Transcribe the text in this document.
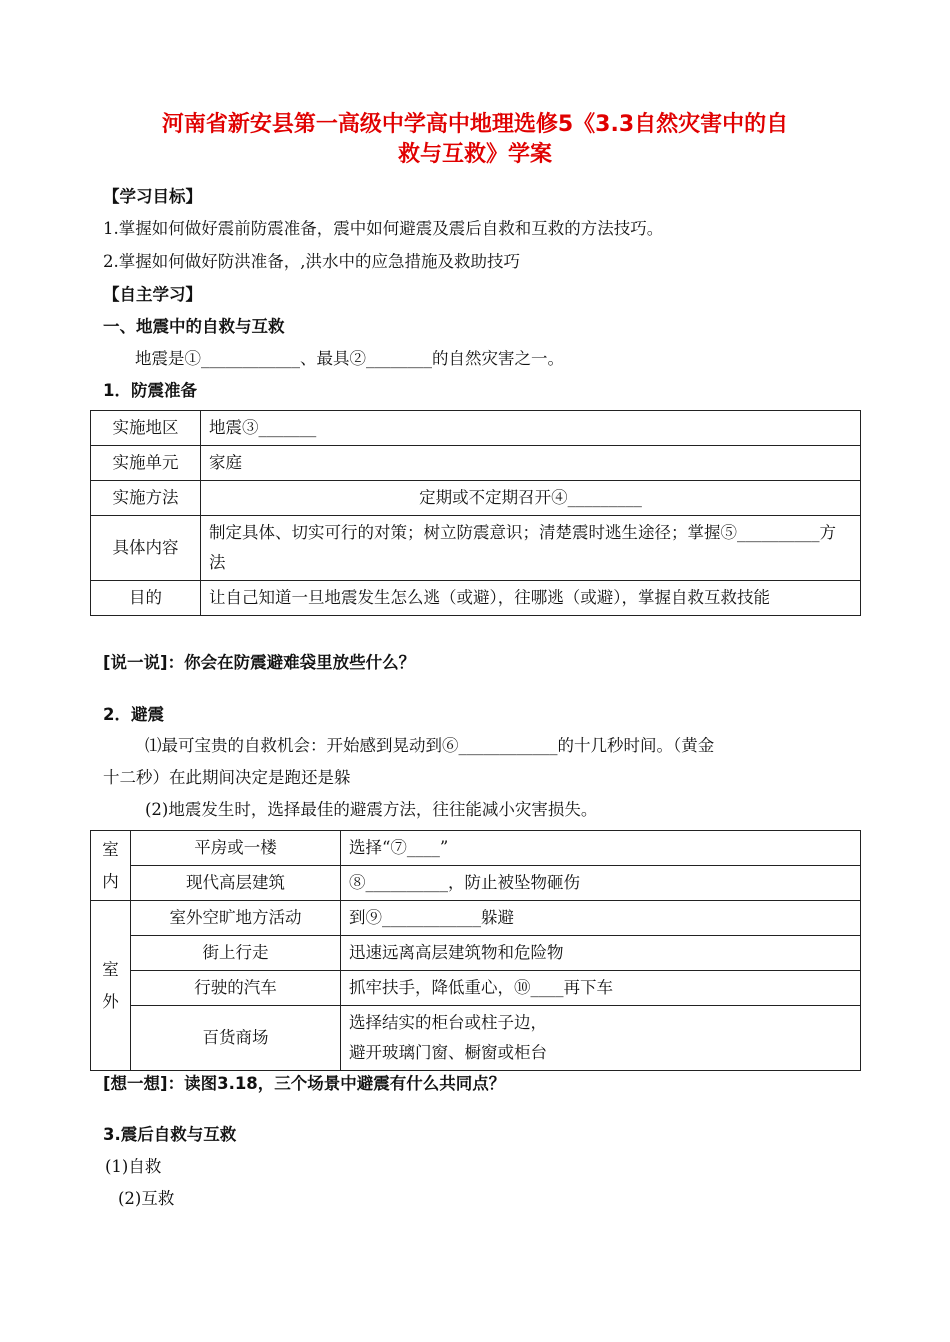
河南省新安县第一高级中学高中地理选修5《3.3自然灾害中的自
救与互救》学案
【学习目标】
1.掌握如何做好震前防震准备，震中如何避震及震后自救和互救的方法技巧。
2.掌握如何做好防洪准备，,洪水中的应急措施及救助技巧
【自主学习】
一、地震中的自救与互救
地震是①____________、最具②________的自然灾害之一。
1．防震准备
实施地区	地震③_______
实施单元	家庭
实施方法	定期或不定期召开④_________
具体内容	制定具体、切实可行的对策；树立防震意识；清楚震时逃生途径；掌握⑤__________方法
目的	让自己知道一旦地震发生怎么逃（或避），往哪逃（或避），掌握自救互救技能
[说一说]：你会在防震避难袋里放些什么？
2．避震
⑴最可宝贵的自救机会：开始感到晃动到⑥____________的十几秒时间。（黄金
十二秒）在此期间决定是跑还是躲
(2)地震发生时，选择最佳的避震方法，往往能减小灾害损失。
室内	平房或一楼	选择“⑦____”
	现代高层建筑	⑧__________，防止被坠物砸伤

室外	室外空旷地方活动	到⑨____________躲避
	街上行走	迅速远离高层建筑物和危险物
	行驶的汽车	抓牢扶手，降低重心，⑩____再下车
	百货商场	选择结实的柜台或柱子边，
避开玻璃门窗、橱窗或柜台
[想一想]：读图3.18，三个场景中避震有什么共同点？
3.震后自救与互救
(1)自救
(2)互救
